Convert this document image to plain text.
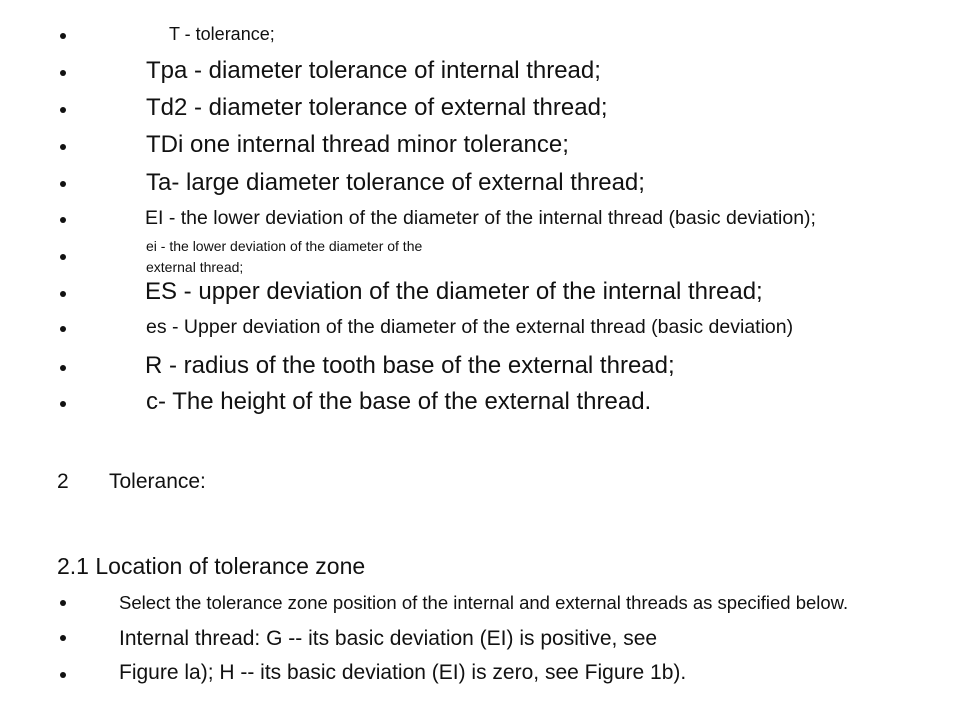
T - tolerance;
Tpa - diameter tolerance of internal thread;
Td2 - diameter tolerance of external thread;
TDi one internal thread minor tolerance;
Ta- large diameter tolerance of external thread;
EI - the lower deviation of the diameter of the internal thread (basic deviation);
ei - the lower deviation of the diameter of the external thread;
ES - upper deviation of the diameter of the internal thread;
es - Upper deviation of the diameter of the external thread (basic deviation)
R - radius of the tooth base of the external thread;
c- The height of the base of the external thread.
2 Tolerance:
2.1 Location of tolerance zone
Select the tolerance zone position of the internal and external threads as specified below.
Internal thread: G -- its basic deviation (EI) is positive, see
Figure la); H -- its basic deviation (EI) is zero, see Figure 1b).
